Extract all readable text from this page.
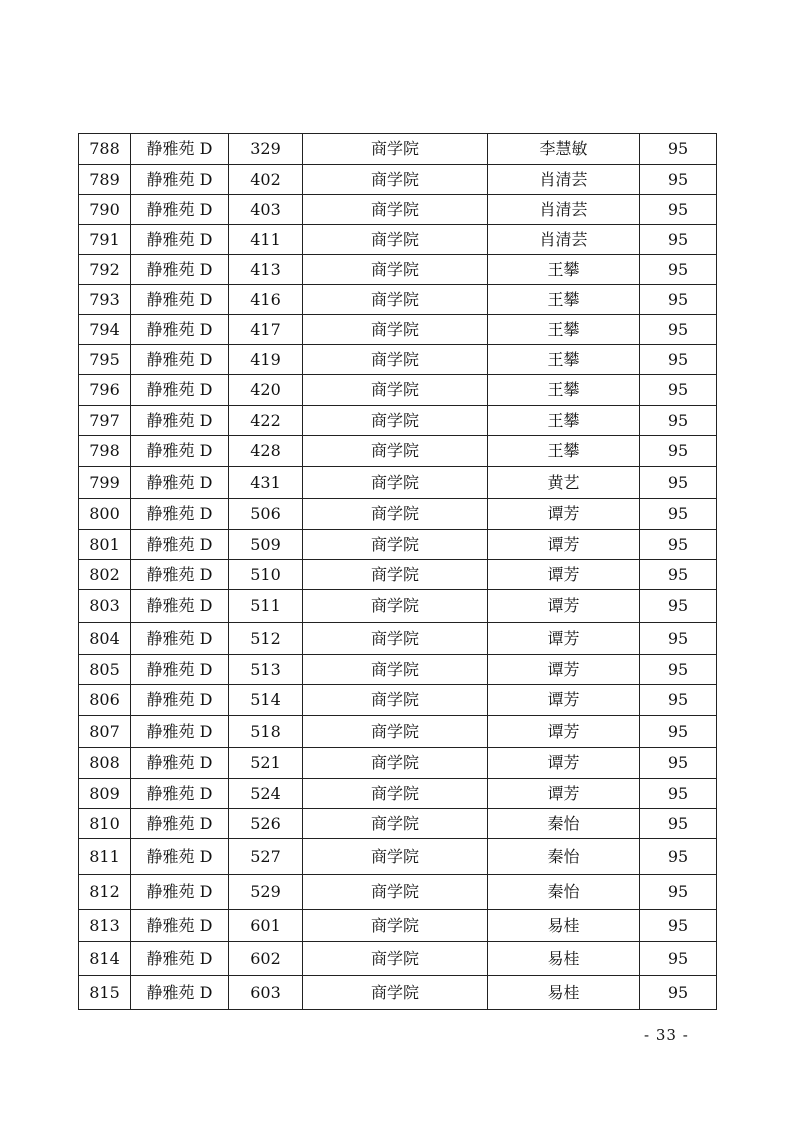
788	静雅苑 D	329	商学院	李慧敏	95
789	静雅苑 D	402	商学院	肖清芸	95
790	静雅苑 D	403	商学院	肖清芸	95
791	静雅苑 D	411	商学院	肖清芸	95
792	静雅苑 D	413	商学院	王攀	95
793	静雅苑 D	416	商学院	王攀	95
794	静雅苑 D	417	商学院	王攀	95
795	静雅苑 D	419	商学院	王攀	95
796	静雅苑 D	420	商学院	王攀	95
797	静雅苑 D	422	商学院	王攀	95
798	静雅苑 D	428	商学院	王攀	95
799	静雅苑 D	431	商学院	黄艺	95
800	静雅苑 D	506	商学院	谭芳	95
801	静雅苑 D	509	商学院	谭芳	95
802	静雅苑 D	510	商学院	谭芳	95
803	静雅苑 D	511	商学院	谭芳	95
804	静雅苑 D	512	商学院	谭芳	95
805	静雅苑 D	513	商学院	谭芳	95
806	静雅苑 D	514	商学院	谭芳	95
807	静雅苑 D	518	商学院	谭芳	95
808	静雅苑 D	521	商学院	谭芳	95
809	静雅苑 D	524	商学院	谭芳	95
810	静雅苑 D	526	商学院	秦怡	95
811	静雅苑 D	527	商学院	秦怡	95
812	静雅苑 D	529	商学院	秦怡	95
813	静雅苑 D	601	商学院	易桂	95
814	静雅苑 D	602	商学院	易桂	95
815	静雅苑 D	603	商学院	易桂	95
- 33 -
